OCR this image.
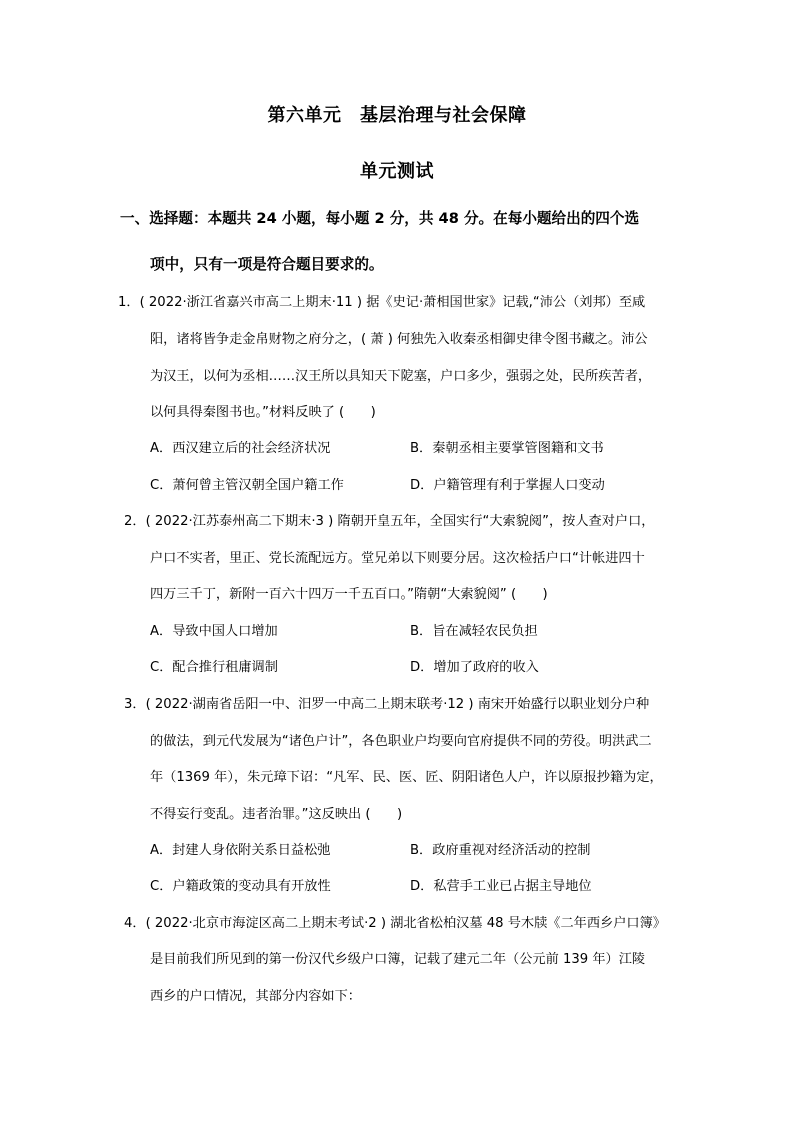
第六单元　基层治理与社会保障
单元测试
一、选择题：本题共 24 小题，每小题 2 分，共 48 分。在每小题给出的四个选
项中，只有一项是符合题目要求的。
1．( 2022·浙江省嘉兴市高二上期末·11 ) 据《史记·萧相国世家》记载,“沛公（刘邦）至咸
阳，诸将皆争走金帛财物之府分之，( 萧 ) 何独先入收秦丞相御史律令图书藏之。沛公
为汉王，以何为丞相……汉王所以具知天下阸塞，户口多少，强弱之处，民所疾苦者，
以何具得秦图书也。”材料反映了 (　　)
A．西汉建立后的社会经济状况	B．秦朝丞相主要掌管图籍和文书
C．萧何曾主管汉朝全国户籍工作	D．户籍管理有利于掌握人口变动
2．( 2022·江苏泰州高二下期末·3 ) 隋朝开皇五年，全国实行“大索貌阅”，按人查对户口，
户口不实者，里正、党长流配远方。堂兄弟以下则要分居。这次检括户口“计帐进四十
四万三千丁，新附一百六十四万一千五百口。”隋朝“大索貌阅” (　　)
A．导致中国人口增加	B．旨在减轻农民负担
C．配合推行租庸调制	D．增加了政府的收入
3．( 2022·湖南省岳阳一中、汨罗一中高二上期末联考·12 ) 南宋开始盛行以职业划分户种
的做法，到元代发展为“诸色户计”，各色职业户均要向官府提供不同的劳役。明洪武二
年（1369 年），朱元璋下诏：“凡军、民、医、匠、阴阳诸色人户，许以原报抄籍为定，
不得妄行变乱。违者治罪。”这反映出 (　　)
A．封建人身依附关系日益松弛	B．政府重视对经济活动的控制
C．户籍政策的变动具有开放性	D．私营手工业已占据主导地位
4．( 2022·北京市海淀区高二上期末考试·2 ) 湖北省松柏汉墓 48 号木牍《二年西乡户口簿》
是目前我们所见到的第一份汉代乡级户口簿，记载了建元二年（公元前 139 年）江陵
西乡的户口情况，其部分内容如下：
